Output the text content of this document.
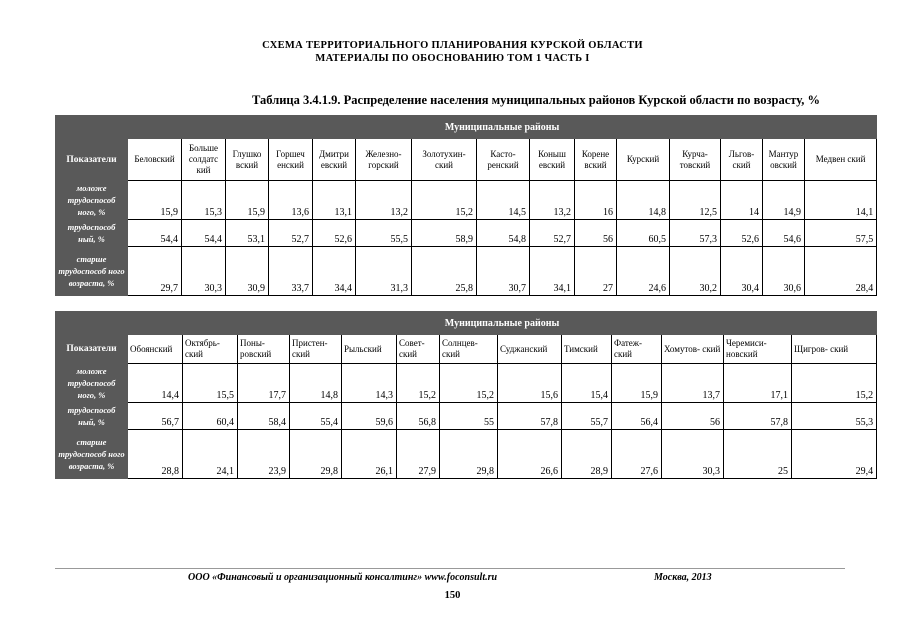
СХЕМА ТЕРРИТОРИАЛЬНОГО ПЛАНИРОВАНИЯ КУРСКОЙ ОБЛАСТИ
МАТЕРИАЛЫ ПО ОБОСНОВАНИЮ ТОМ 1 ЧАСТЬ I
Таблица 3.4.1.9. Распределение населения муниципальных районов Курской области по возрасту, %
	Муниципальные районы														
Показатели	Беловский	Больше солдатс кий	Глушко вский	Горшеч енский	Дмитри евский	Железно- горский	Золотухин- ский	Касто- ренский	Коныш евский	Корене вский	Курский	Курча- товский	Льгов- ский	Мантур овский	Медвен ский
моложе трудоспособ ного, %	15,9	15,3	15,9	13,6	13,1	13,2	15,2	14,5	13,2	16	14,8	12,5	14	14,9	14,1
трудоспособ ный, %	54,4	54,4	53,1	52,7	52,6	55,5	58,9	54,8	52,7	56	60,5	57,3	52,6	54,6	57,5
старше трудоспособ ного возраста, %	29,7	30,3	30,9	33,7	34,4	31,3	25,8	30,7	34,1	27	24,6	30,2	30,4	30,6	28,4
	Муниципальные районы												
Показатели	Обоянский	Октябрь- ский	Поны- ровский	Пристен- ский	Рыльский	Совет- ский	Солнцев- ский	Суджанский	Тимский	Фатеж- ский	Хомутов- ский	Черемиси- новский	Щигров- ский
моложе трудоспособ ного, %	14,4	15,5	17,7	14,8	14,3	15,2	15,2	15,6	15,4	15,9	13,7	17,1	15,2
трудоспособ ный, %	56,7	60,4	58,4	55,4	59,6	56,8	55	57,8	55,7	56,4	56	57,8	55,3
старше трудоспособ ного возраста, %	28,8	24,1	23,9	29,8	26,1	27,9	29,8	26,6	28,9	27,6	30,3	25	29,4
ООО «Финансовый и организационный консалтинг» www.foconsult.ru	Москва, 2013
150
